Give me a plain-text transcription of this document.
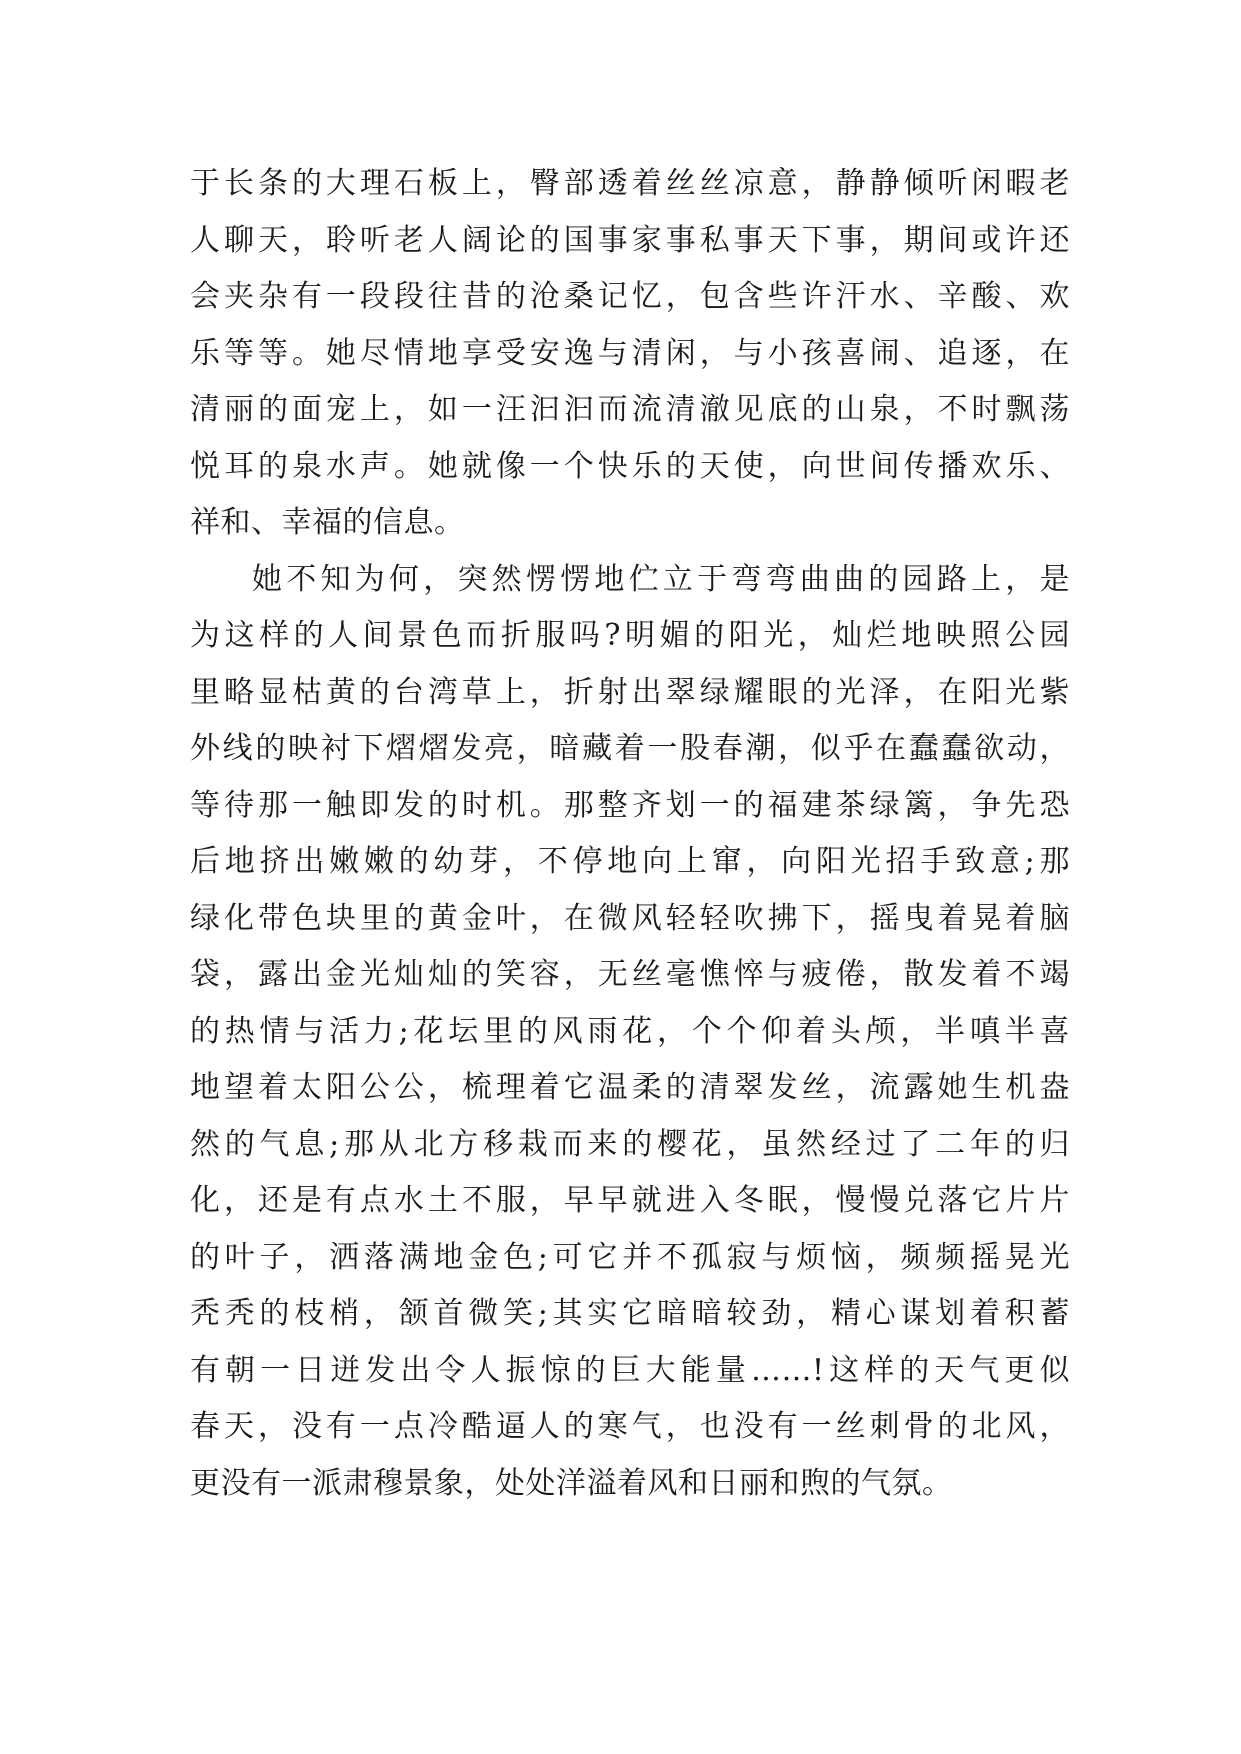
于长条的大理石板上，臀部透着丝丝凉意，静静倾听闲暇老
人聊天，聆听老人阔论的国事家事私事天下事，期间或许还
会夹杂有一段段往昔的沧桑记忆，包含些许汗水、辛酸、欢
乐等等。她尽情地享受安逸与清闲，与小孩喜闹、追逐，在
清丽的面宠上，如一汪汩汩而流清澈见底的山泉，不时飘荡
悦耳的泉水声。她就像一个快乐的天使，向世间传播欢乐、
祥和、幸福的信息。
她不知为何，突然愣愣地伫立于弯弯曲曲的园路上，是
为这样的人间景色而折服吗?明媚的阳光，灿烂地映照公园
里略显枯黄的台湾草上，折射出翠绿耀眼的光泽，在阳光紫
外线的映衬下熠熠发亮，暗藏着一股春潮，似乎在蠢蠢欲动，
等待那一触即发的时机。那整齐划一的福建茶绿篱，争先恐
后地挤出嫩嫩的幼芽，不停地向上窜，向阳光招手致意;那
绿化带色块里的黄金叶，在微风轻轻吹拂下，摇曳着晃着脑
袋，露出金光灿灿的笑容，无丝毫憔悴与疲倦，散发着不竭
的热情与活力;花坛里的风雨花，个个仰着头颅，半嗔半喜
地望着太阳公公，梳理着它温柔的清翠发丝，流露她生机盎
然的气息;那从北方移栽而来的樱花，虽然经过了二年的归
化，还是有点水土不服，早早就进入冬眠，慢慢兑落它片片
的叶子，洒落满地金色;可它并不孤寂与烦恼，频频摇晃光
秃秃的枝梢，颔首微笑;其实它暗暗较劲，精心谋划着积蓄
有朝一日迸发出令人振惊的巨大能量……!这样的天气更似
春天，没有一点冷酷逼人的寒气，也没有一丝刺骨的北风，
更没有一派肃穆景象，处处洋溢着风和日丽和煦的气氛。
